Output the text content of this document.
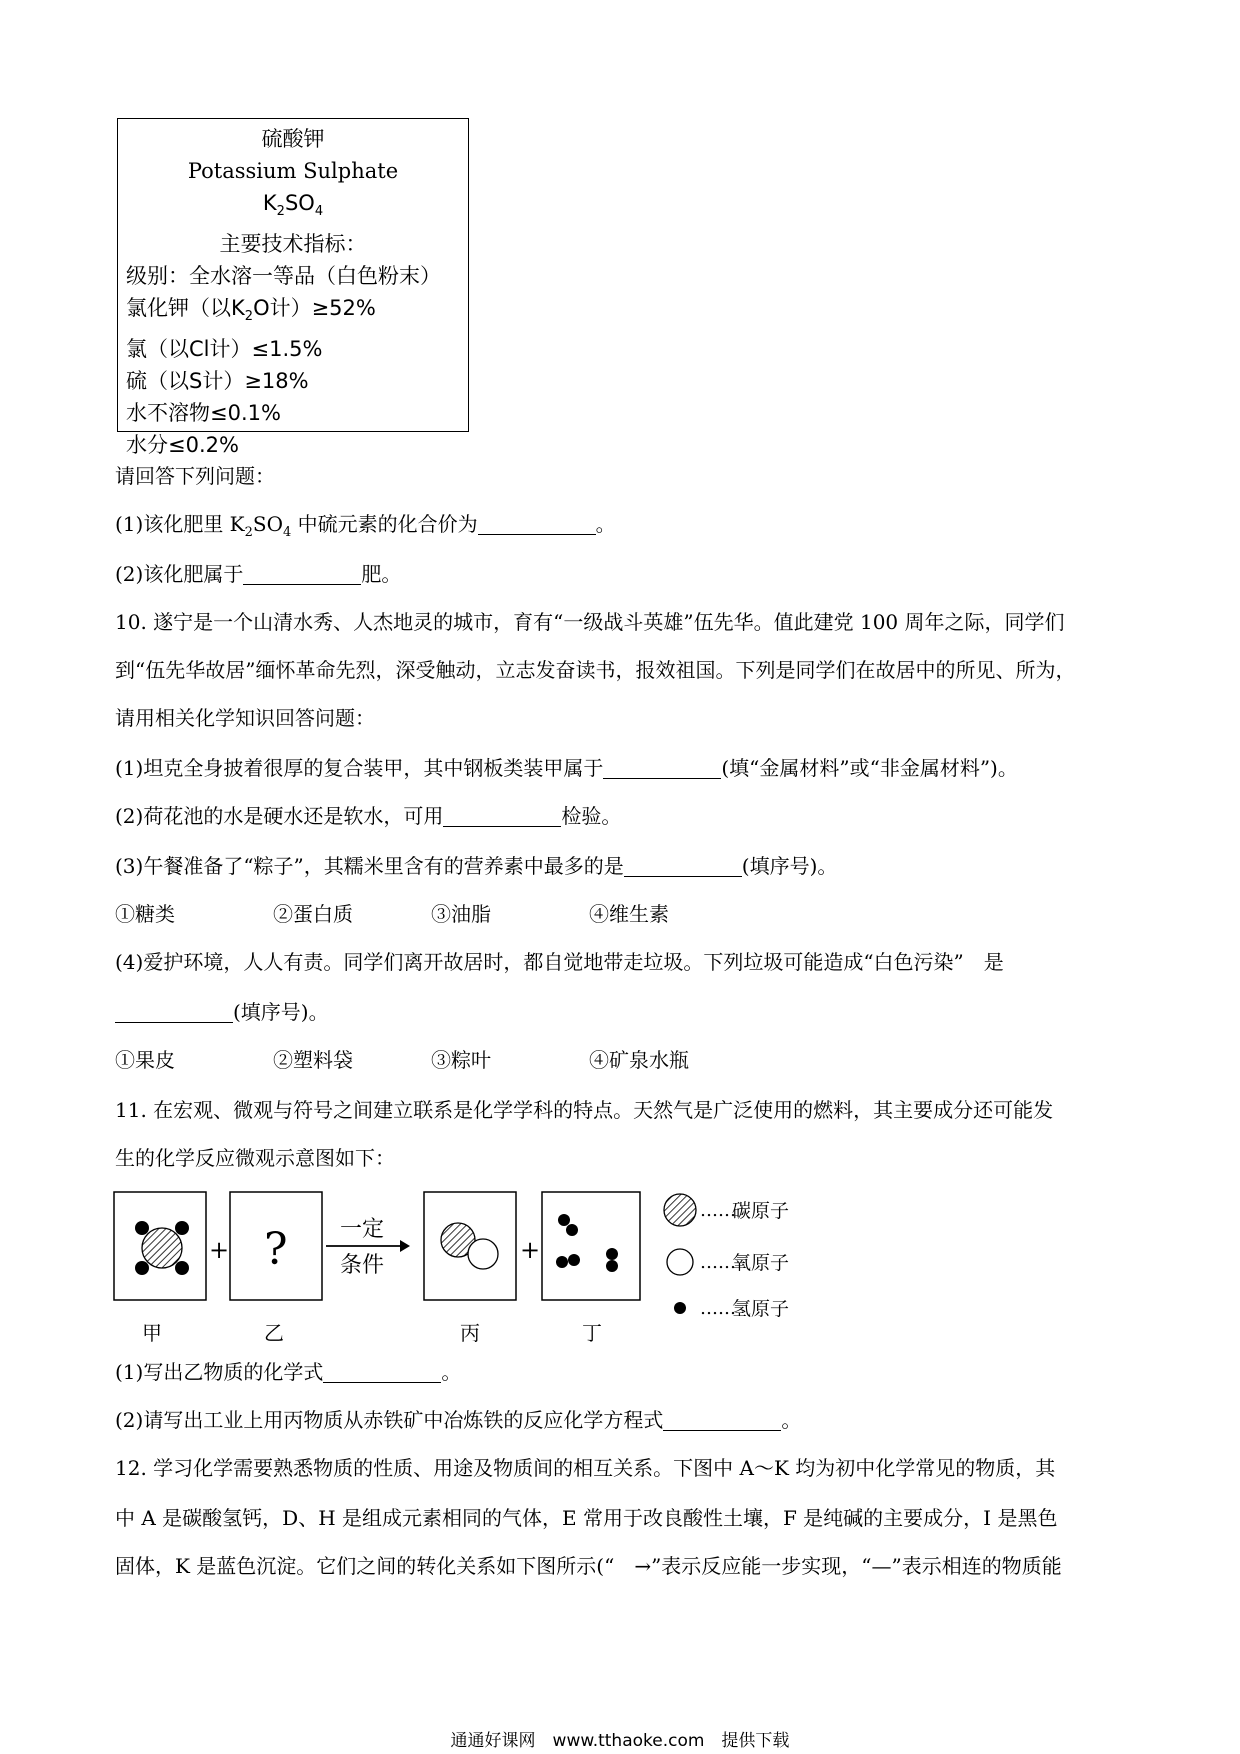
硫酸钾
Potassium Sulphate
$K_2SO_4$
主要技术指标：
级别：全水溶一等品（白色粉末）
氯化钾（以$K_2O$计）≥52%
氯（以Cl计）≤1.5%
硫（以S计）≥18%
水不溶物≤0.1%
水分≤0.2%
请回答下列问题：
(1)该化肥里 $K_2SO_4$ 中硫元素的化合价为	。
(2)该化肥属于	肥。
10. 遂宁是一个山清水秀、人杰地灵的城市，育有“一级战斗英雄”伍先华。值此建党 100 周年之际，同学们
到“伍先华故居”缅怀革命先烈，深受触动，立志发奋读书，报效祖国。下列是同学们在故居中的所见、所为，
请用相关化学知识回答问题：
(1)坦克全身披着很厚的复合装甲，其中钢板类装甲属于	(填“金属材料”或“非金属材料”)。
(2)荷花池的水是硬水还是软水，可用	检验。
(3)午餐准备了“粽子”，其糯米里含有的营养素中最多的是	(填序号)。
①糖类	②蛋白质	③油脂	④维生素
(4)爱护环境，人人有责。同学们离开故居时，都自觉地带走垃圾。下列垃圾可能造成“白色污染”　是
(填序号)。
①果皮	②塑料袋	③粽叶	④矿泉水瓶
11. 在宏观、微观与符号之间建立联系是化学学科的特点。天然气是广泛使用的燃料，其主要成分还可能发
生的化学反应微观示意图如下：
+ ? 一定
条件
+
甲	乙	丙	丁
……
碳原子
……
氧原子
……
氢原子
(1)写出乙物质的化学式	。
(2)请写出工业上用丙物质从赤铁矿中冶炼铁的反应化学方程式	。
12. 学习化学需要熟悉物质的性质、用途及物质间的相互关系。下图中 A～K 均为初中化学常见的物质，其
中 A 是碳酸氢钙，D、H 是组成元素相同的气体，E 常用于改良酸性土壤，F 是纯碱的主要成分，I 是黑色
固体，K 是蓝色沉淀。它们之间的转化关系如下图所示(“　→”表示反应能一步实现，“—”表示相连的物质能
通通好课网　www.tthaoke.com　提供下载
